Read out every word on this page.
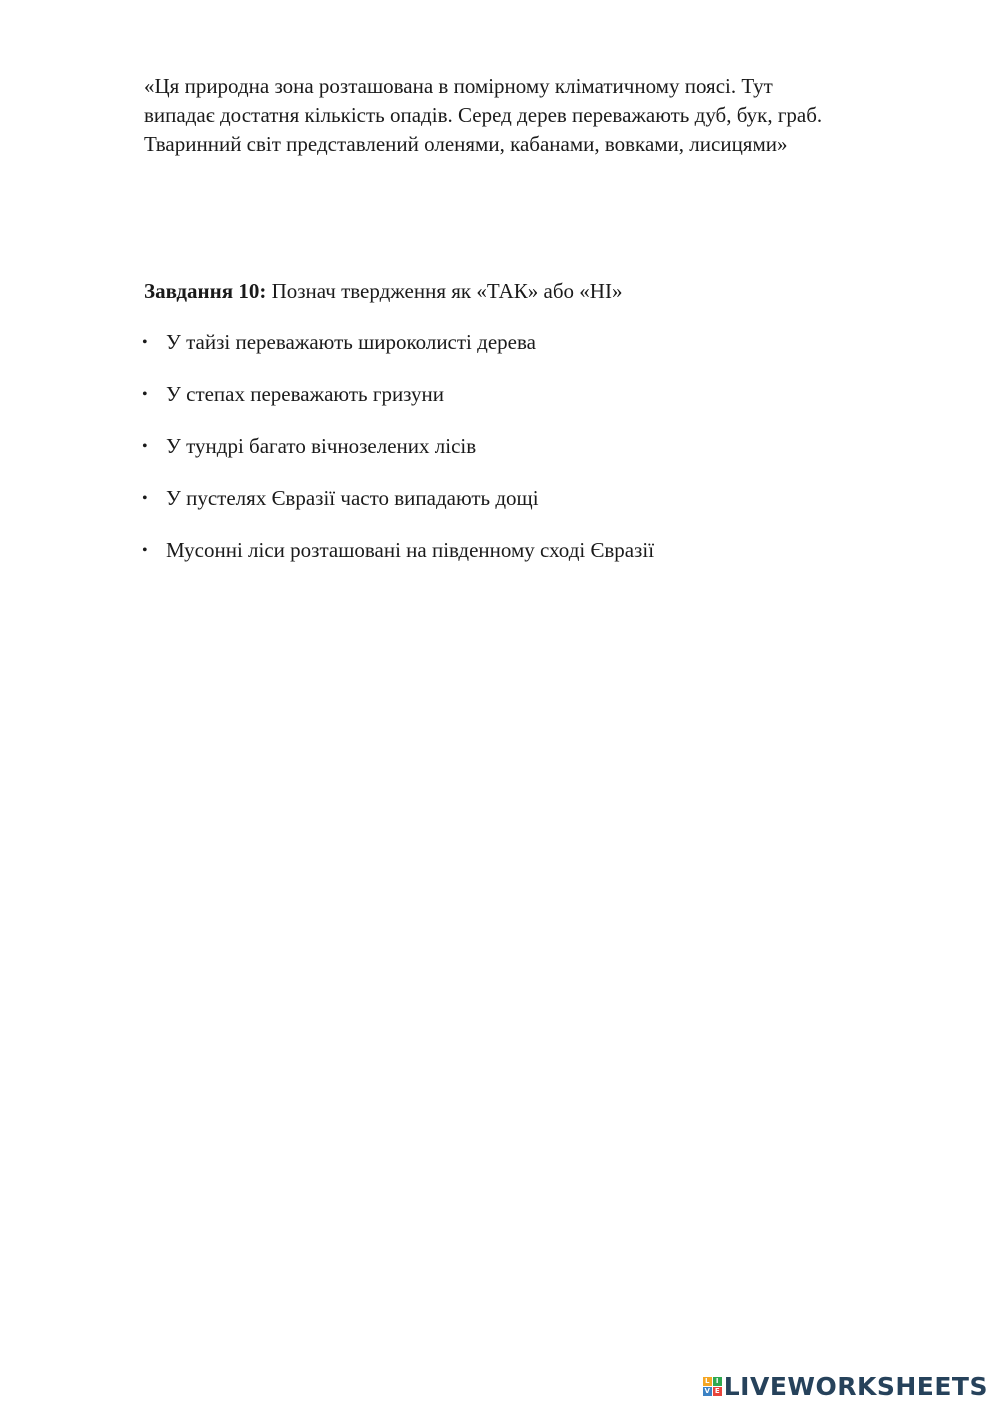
«Ця природна зона розташована в помірному кліматичному поясі. Тут
випадає достатня кількість опадів. Серед дерев переважають дуб, бук, граб.
Тваринний світ представлений оленями, кабанами, вовками, лисицями»
Завдання 10: Познач твердження як «ТАК» або «НІ»
• У тайзі переважають широколисті дерева
• У степах переважають гризуни
• У тундрі багато вічнозелених лісів
• У пустелях Євразії часто випадають дощі
• Мусонні ліси розташовані на південному сході Євразії
L I
V E LIVEWORKSHEETS
